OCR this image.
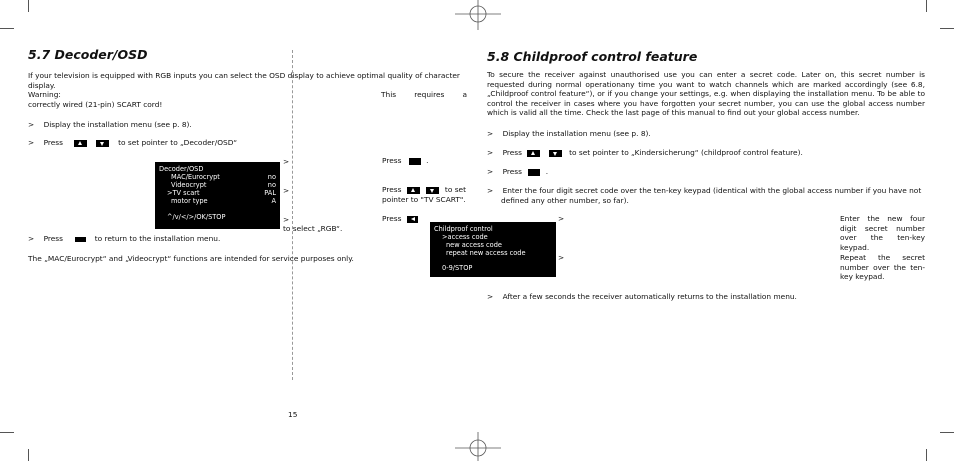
5.7 Decoder/OSD
If your television is equipped with RGB inputs you can select the OSD display to achieve optimal quality of character
display.
Warning:	This requires a
correctly wired (21-pin) SCART cord!
> Display the installation menu (see p. 8).
> Press	to set pointer to „Decoder/OSD“
Decoder/OSD
MAC/Eurocrypt	no
Videocrypt	no
>TV scart	PAL
motor type	A
^/v/</>/OK/STOP
>
>
>
Press	.
Press	to set
pointer to "TV SCART".
Press
to select „RGB“.
> Press	to return to the installation menu.
The „MAC/Eurocrypt“ and „Videocrypt“ functions are intended for service purposes only.
15
5.8 Childproof control feature
To secure the receiver against unauthorised use you can enter a secret code. Later on, this secret number is
requested during normal operationany time you want to watch channels which are marked accordingly (see 6.8,
„Childproof control feature“), or if you change your settings, e.g. when displaying the installation menu. To be able to
control the receiver in cases where you have forgotten your secret number, you can use the global access number
which is valid all the time. Check the last page of this manual to find out your global access number.
> Display the installation menu (see p. 8).
> Press	to set pointer to „Kindersicherung“ (childproof control feature).
> Press	.
> Enter the four digit secret code over the ten-key keypad (identical with the global access number if you have not
defined any other number, so far).
Childproof control
>access code
new access code
repeat new access code
0-9/STOP
>
>
Enter the new four
digit secret number
over the ten-key
keypad.
Repeat the secret
number over the ten-
key keypad.
> After a few seconds the receiver automatically returns to the installation menu.
